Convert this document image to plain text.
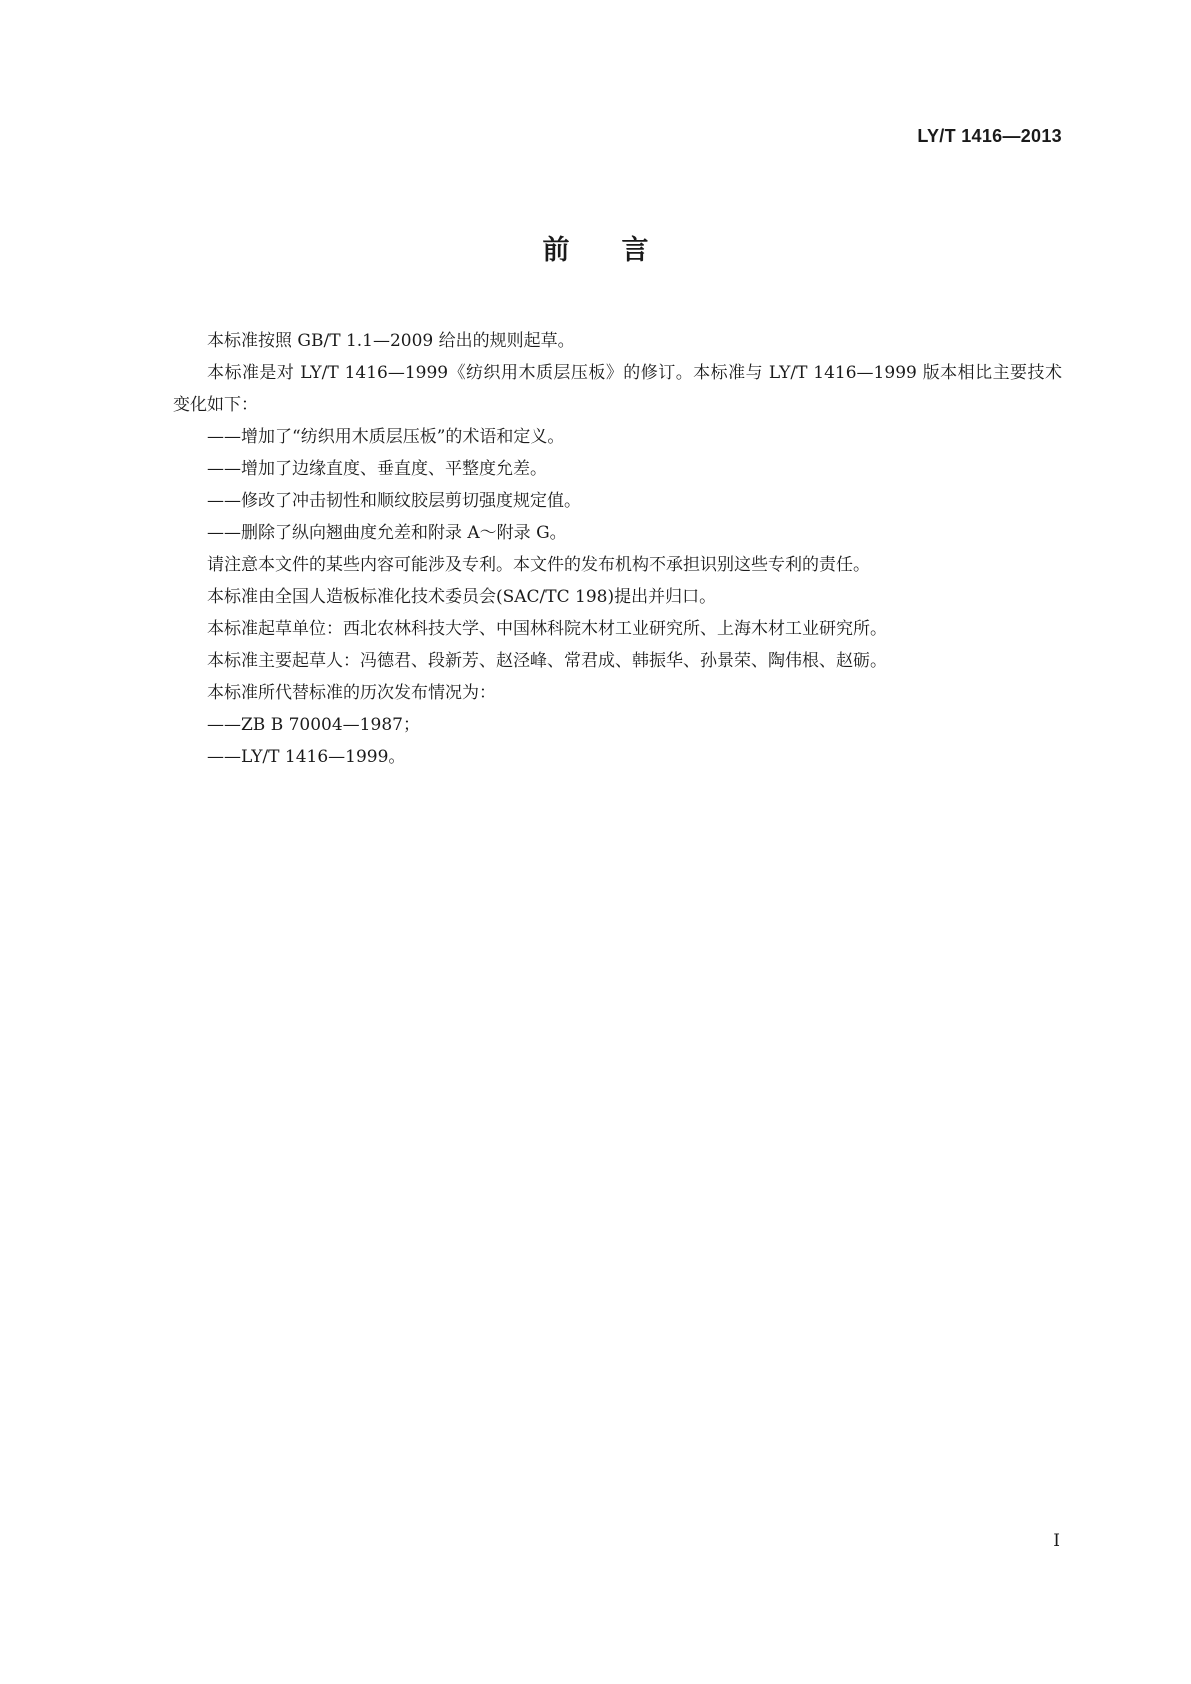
LY/T 1416—2013
前言

本标准按照 GB/T 1.1—2009 给出的规则起草。

本标准是对 LY/T 1416—1999《纺织用木质层压板》的修订。本标准与 LY/T 1416—1999 版本相比主要技术变化如下：

——增加了“纺织用木质层压板”的术语和定义。

——增加了边缘直度、垂直度、平整度允差。

——修改了冲击韧性和顺纹胶层剪切强度规定值。

——删除了纵向翘曲度允差和附录 A～附录 G。

请注意本文件的某些内容可能涉及专利。本文件的发布机构不承担识别这些专利的责任。

本标准由全国人造板标准化技术委员会(SAC/TC 198)提出并归口。

本标准起草单位：西北农林科技大学、中国林科院木材工业研究所、上海木材工业研究所。

本标准主要起草人：冯德君、段新芳、赵泾峰、常君成、韩振华、孙景荣、陶伟根、赵砺。

本标准所代替标准的历次发布情况为：

——ZB B 70004—1987；

——LY/T 1416—1999。

I
